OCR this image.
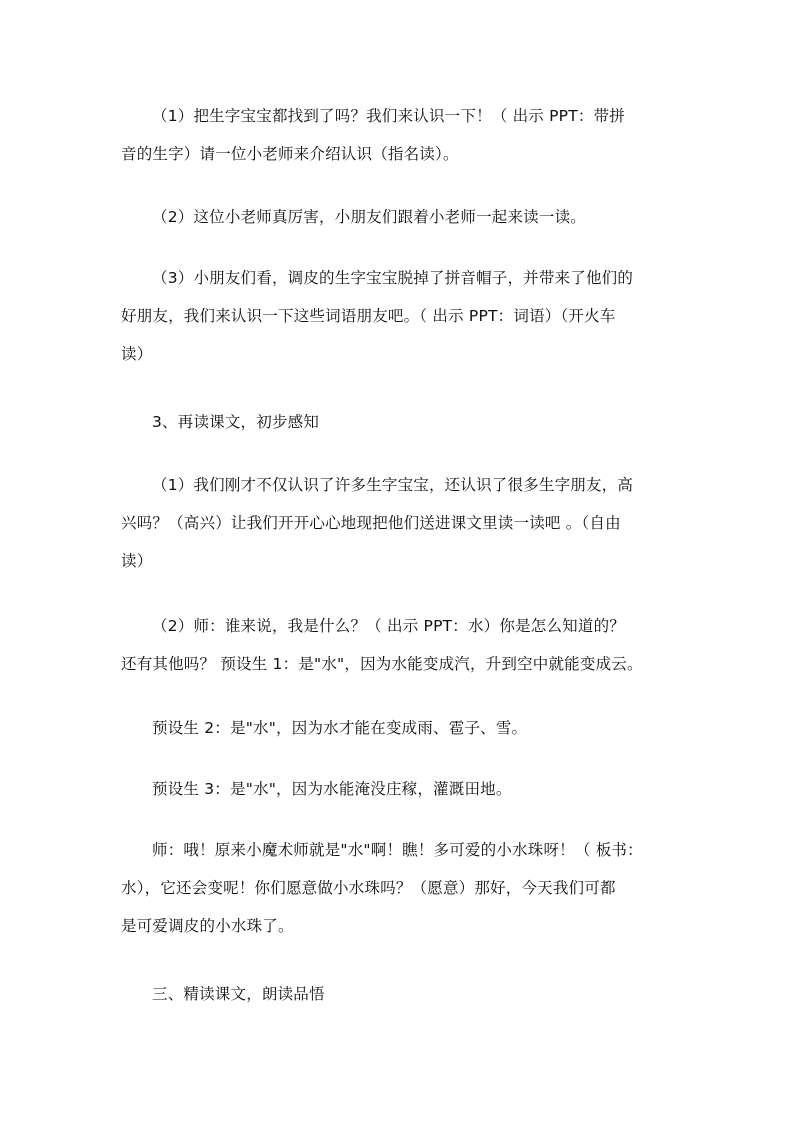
（1）把生字宝宝都找到了吗？我们来认识一下！（ 出示 PPT：带拼
音的生字）请一位小老师来介绍认识（指名读）。

（2）这位小老师真厉害，小朋友们跟着小老师一起来读一读。

（3）小朋友们看，调皮的生字宝宝脱掉了拼音帽子，并带来了他们的
好朋友，我们来认识一下这些词语朋友吧。（ 出示 PPT：词语）（开火车
读）

3、再读课文，初步感知

（1）我们刚才不仅认识了许多生字宝宝，还认识了很多生字朋友，高
兴吗？（高兴）让我们开开心心地现把他们送进课文里读一读吧 。（自由
读）

（2）师：谁来说，我是什么？（ 出示 PPT：水）你是怎么知道的？
还有其他吗？ 预设生 1：是"水"，因为水能变成汽，升到空中就能变成云。

预设生 2：是"水"，因为水才能在变成雨、雹子、雪。

预设生 3：是"水"，因为水能淹没庄稼，灌溉田地。

师：哦！原来小魔术师就是"水"啊！瞧！多可爱的小水珠呀！（ 板书：
水），它还会变呢！你们愿意做小水珠吗？（愿意）那好，今天我们可都
是可爱调皮的小水珠了。

三、精读课文，朗读品悟
